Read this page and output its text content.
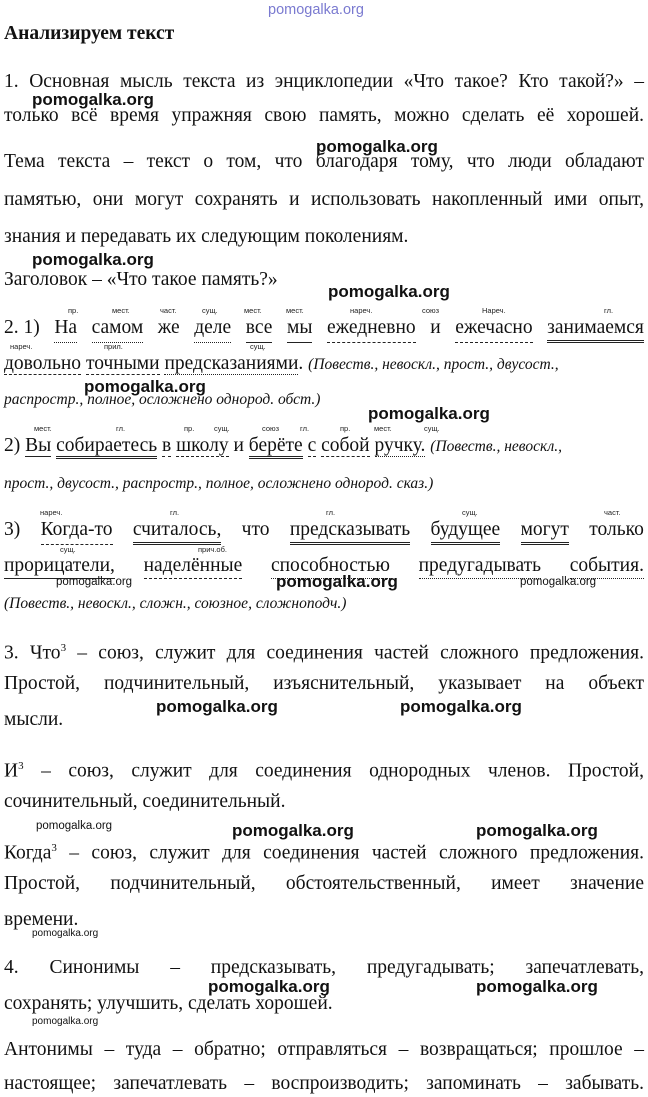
pomogalka.org
Анализируем текст
1. Основная мысль текста из энциклопедии «Что такое? Кто такой?» –
только всё время упражняя свою память, можно сделать её хорошей.
Тема текста – текст о том, что благодаря тому, что люди обладают
памятью, они могут сохранять и использовать накопленный ими опыт,
знания и передавать их следующим поколениям.
Заголовок – «Что такое память?»
пр.	мест.	част.	сущ.	мест.	мест.	нареч.	союз	Нареч.	гл.
2. 1) На самом же деле все мы ежедневно и ежечасно занимаемся
нареч.	прил.	сущ.
довольно точными предсказаниями. (Повеств., невоскл., прост., двусост.,
распростр., полное, осложнено однород. обст.)
мест.	гл.	пр.	сущ.	союз	гл.	пр.	мест.	сущ.
2) Вы собираетесь в школу и берёте с собой ручку. (Повеств., невоскл.,
прост., двусост., распростр., полное, осложнено однород. сказ.)
нареч.	гл.	гл.	сущ.	част.
3) Когда-то считалось, что предсказывать будущее могут только
сущ.	прич.об.
прорицатели, наделённые способностью предугадывать события.
(Повеств., невоскл., сложн., союзное, сложноподч.)
3. Что$^3$ – союз, служит для соединения частей сложного предложения.
Простой, подчинительный, изъяснительный, указывает на объект
мысли.
$И^3$ – союз, служит для соединения однородных членов. Простой,
сочинительный, соединительный.
Когда$^3$ – союз, служит для соединения частей сложного предложения.
Простой, подчинительный, обстоятельственный, имеет значение
времени.
4. Синонимы – предсказывать, предугадывать; запечатлевать,
сохранять; улучшить, сделать хорошей.
Антонимы – туда – обратно; отправляться – возвращаться; прошлое –
настоящее; запечатлевать – воспроизводить; запоминать – забывать.
pomogalka.org
pomogalka.org
pomogalka.org
pomogalka.org
pomogalka.org
pomogalka.org
pomogalka.org	pomogalka.org	pomogalka.org
pomogalka.org	pomogalka.org
pomogalka.org	pomogalka.org	pomogalka.org
pomogalka.org
pomogalka.org	pomogalka.org
pomogalka.org
